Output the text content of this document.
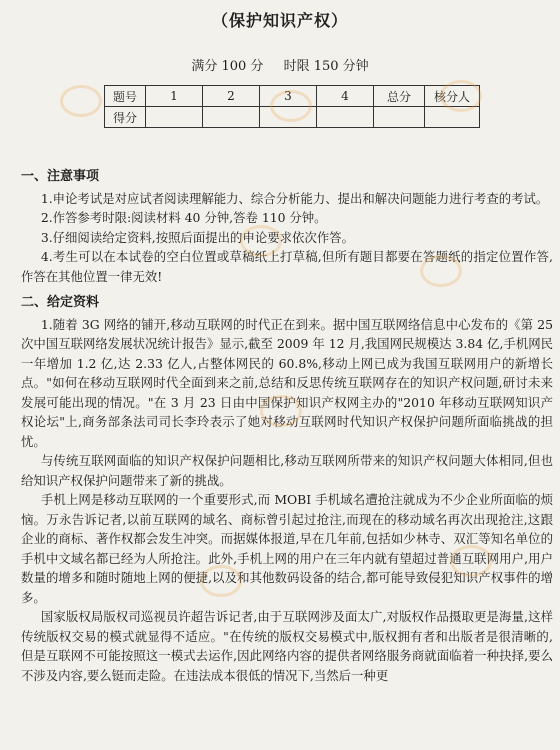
（保护知识产权）
满分 100 分 时限 150 分钟
题号	1	2	3	4	总分	核分人
得分						
一、注意事项

1.申论考试是对应试者阅读理解能力、综合分析能力、提出和解决问题能力进行考查的考试。

2.作答参考时限:阅读材料 40 分钟,答卷 110 分钟。

3.仔细阅读给定资料,按照后面提出的申论要求依次作答。

4.考生可以在本试卷的空白位置或草稿纸上打草稿,但所有题目都要在答题纸的指定位置作答,作答在其他位置一律无效!

二、给定资料

1.随着 3G 网络的铺开,移动互联网的时代正在到来。据中国互联网络信息中心发布的《第 25 次中国互联网络发展状况统计报告》显示,截至 2009 年 12 月,我国网民规模达 3.84 亿,手机网民一年增加 1.2 亿,达 2.33 亿人,占整体网民的 60.8%,移动上网已成为我国互联网用户的新增长点。"如何在移动互联网时代全面到来之前,总结和反思传统互联网存在的知识产权问题,研讨未来发展可能出现的情况。"在 3 月 23 日由中国保护知识产权网主办的"2010 年移动互联网知识产权论坛"上,商务部条法司司长李玲表示了她对移动互联网时代知识产权保护问题所面临挑战的担忧。

与传统互联网面临的知识产权保护问题相比,移动互联网所带来的知识产权问题大体相同,但也给知识产权保护问题带来了新的挑战。

手机上网是移动互联网的一个重要形式,而 MOBI 手机域名遭抢注就成为不少企业所面临的烦恼。万永告诉记者,以前互联网的域名、商标曾引起过抢注,而现在的移动域名再次出现抢注,这跟企业的商标、著作权都会发生冲突。而据媒体报道,早在几年前,包括如少林寺、双汇等知名单位的手机中文域名都已经为人所抢注。此外,手机上网的用户在三年内就有望超过普通互联网用户,用户数量的增多和随时随地上网的便捷,以及和其他数码设备的结合,都可能导致侵犯知识产权事件的增多。

国家版权局版权司巡视员许超告诉记者,由于互联网涉及面太广,对版权作品摄取更是海量,这样传统版权交易的模式就显得不适应。"在传统的版权交易模式中,版权拥有者和出版者是很清晰的,但是互联网不可能按照这一模式去运作,因此网络内容的提供者网络服务商就面临着一种抉择,要么不涉及内容,要么铤而走险。在违法成本很低的情况下,当然后一种更
